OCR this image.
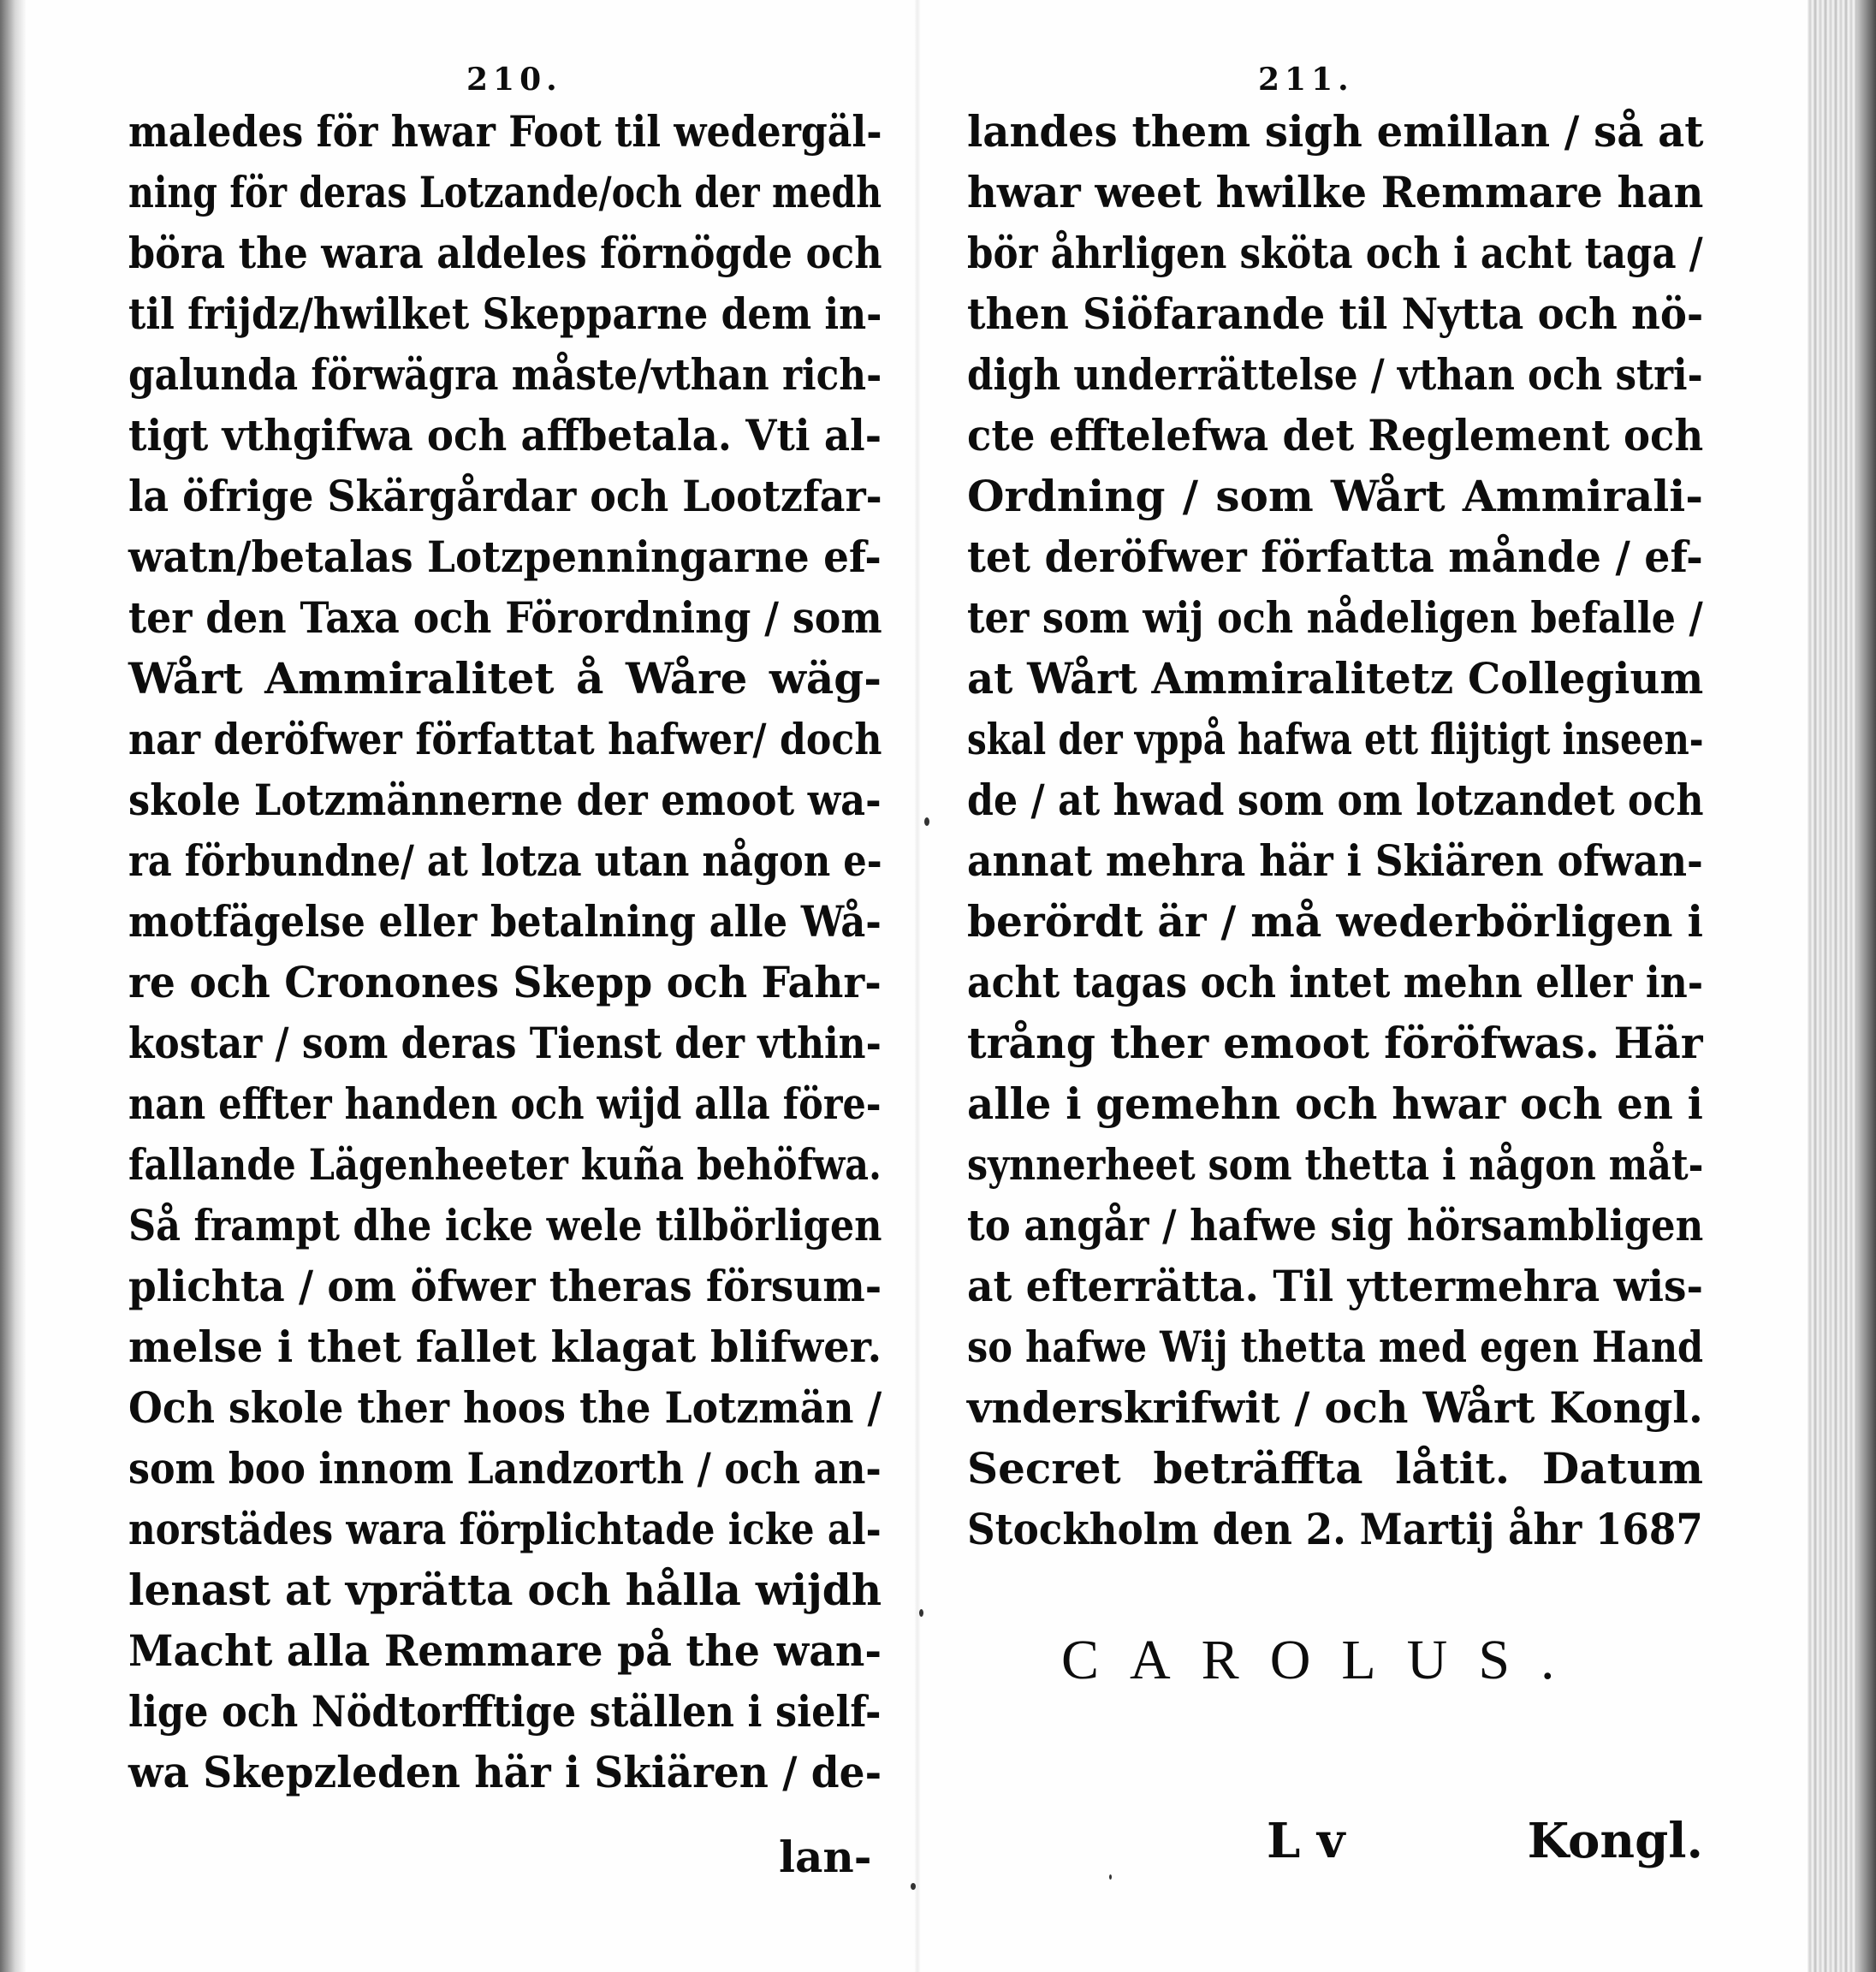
210.
maledes för hwar Foot til wedergäl-
ning för deras Lotzande/och der medh
böra the wara aldeles förnögde och
til frijdz/hwilket Skepparne dem in-
galunda förwägra måste/vthan rich-
tigt vthgifwa och affbetala. Vti al-
la öfrige Skärgårdar och Lootzfar-
watn/betalas Lotzpenningarne ef-
ter den Taxa och Förordning / som
Wårt Ammiralitet å Wåre wäg-
nar deröfwer författat hafwer/ doch
skole Lotzmännerne der emoot wa-
ra förbundne/ at lotza utan någon e-
motfägelse eller betalning alle Wå-
re och Cronones Skepp och Fahr-
kostar / som deras Tienst der vthin-
nan effter handen och wijd alla före-
fallande Lägenheeter kuña behöfwa.
Så frampt dhe icke wele tilbörligen
plichta / om öfwer theras försum-
melse i thet fallet klagat blifwer.
Och skole ther hoos the Lotzmän /
som boo innom Landzorth / och an-
norstädes wara förplichtade icke al-
lenast at vprätta och hålla wijdh
Macht alla Remmare på the wan-
lige och Nödtorfftige ställen i sielf-
wa Skepzleden här i Skiären / de-
lan-
211.
landes them sigh emillan / så at
hwar weet hwilke Remmare han
bör åhrligen sköta och i acht taga /
then Siöfarande til Nytta och nö-
digh underrättelse / vthan och stri-
cte efftelefwa det Reglement och
Ordning / som Wårt Ammirali-
tet deröfwer författa månde / ef-
ter som wij och nådeligen befalle /
at Wårt Ammiralitetz Collegium
skal der vppå hafwa ett flijtigt inseen-
de / at hwad som om lotzandet och
annat mehra här i Skiären ofwan-
berördt är / må wederbörligen i
acht tagas och intet mehn eller in-
trång ther emoot föröfwas. Här
alle i gemehn och hwar och en i
synnerheet som thetta i någon måt-
to angår / hafwe sig hörsambligen
at efterrätta. Til yttermehra wis-
so hafwe Wij thetta med egen Hand
vnderskrifwit / och Wårt Kongl.
Secret beträffta låtit. Datum
Stockholm den 2. Martij åhr 1687
CAROLUS.
L v	Kongl.
